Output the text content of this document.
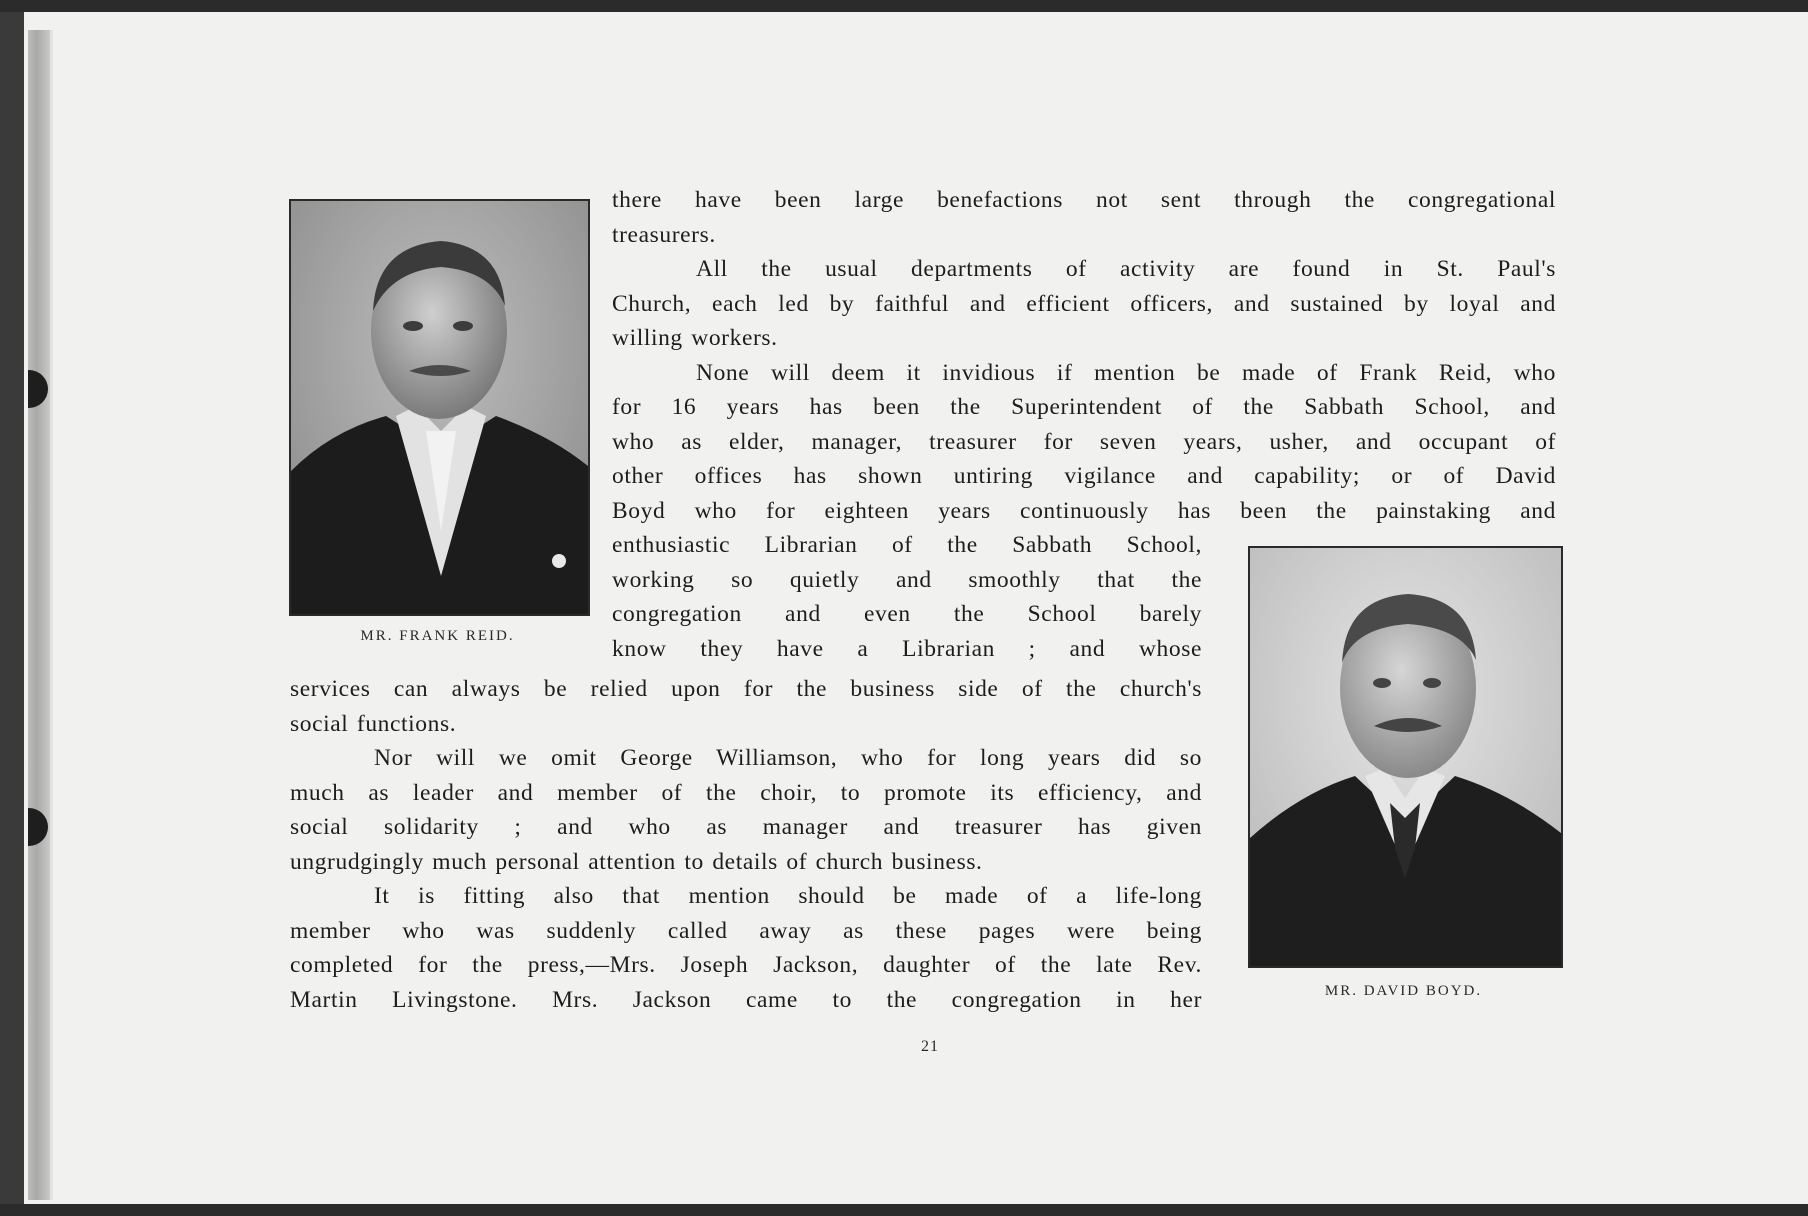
MR. FRANK REID.
MR. DAVID BOYD.
there have been large benefactions not sent through the congregational
treasurers.
All the usual departments of activity are found in St. Paul's
Church, each led by faithful and efficient officers, and sustained by loyal and
willing workers.
None will deem it invidious if mention be made of Frank Reid, who
for 16 years has been the Superintendent of the Sabbath School, and
who as elder, manager, treasurer for seven years, usher, and occupant of
other offices has shown untiring vigilance and capability; or of David
Boyd who for eighteen years continuously has been the painstaking and
enthusiastic Librarian of the Sabbath School,
working so quietly and smoothly that the
congregation and even the School barely
know they have a Librarian ; and whose
services can always be relied upon for the business side of the church's
social functions.
Nor will we omit George Williamson, who for long years did so
much as leader and member of the choir, to promote its efficiency, and
social solidarity ; and who as manager and treasurer has given
ungrudgingly much personal attention to details of church business.
It is fitting also that mention should be made of a life-long
member who was suddenly called away as these pages were being
completed for the press,—Mrs. Joseph Jackson, daughter of the late Rev.
Martin Livingstone. Mrs. Jackson came to the congregation in her
21
